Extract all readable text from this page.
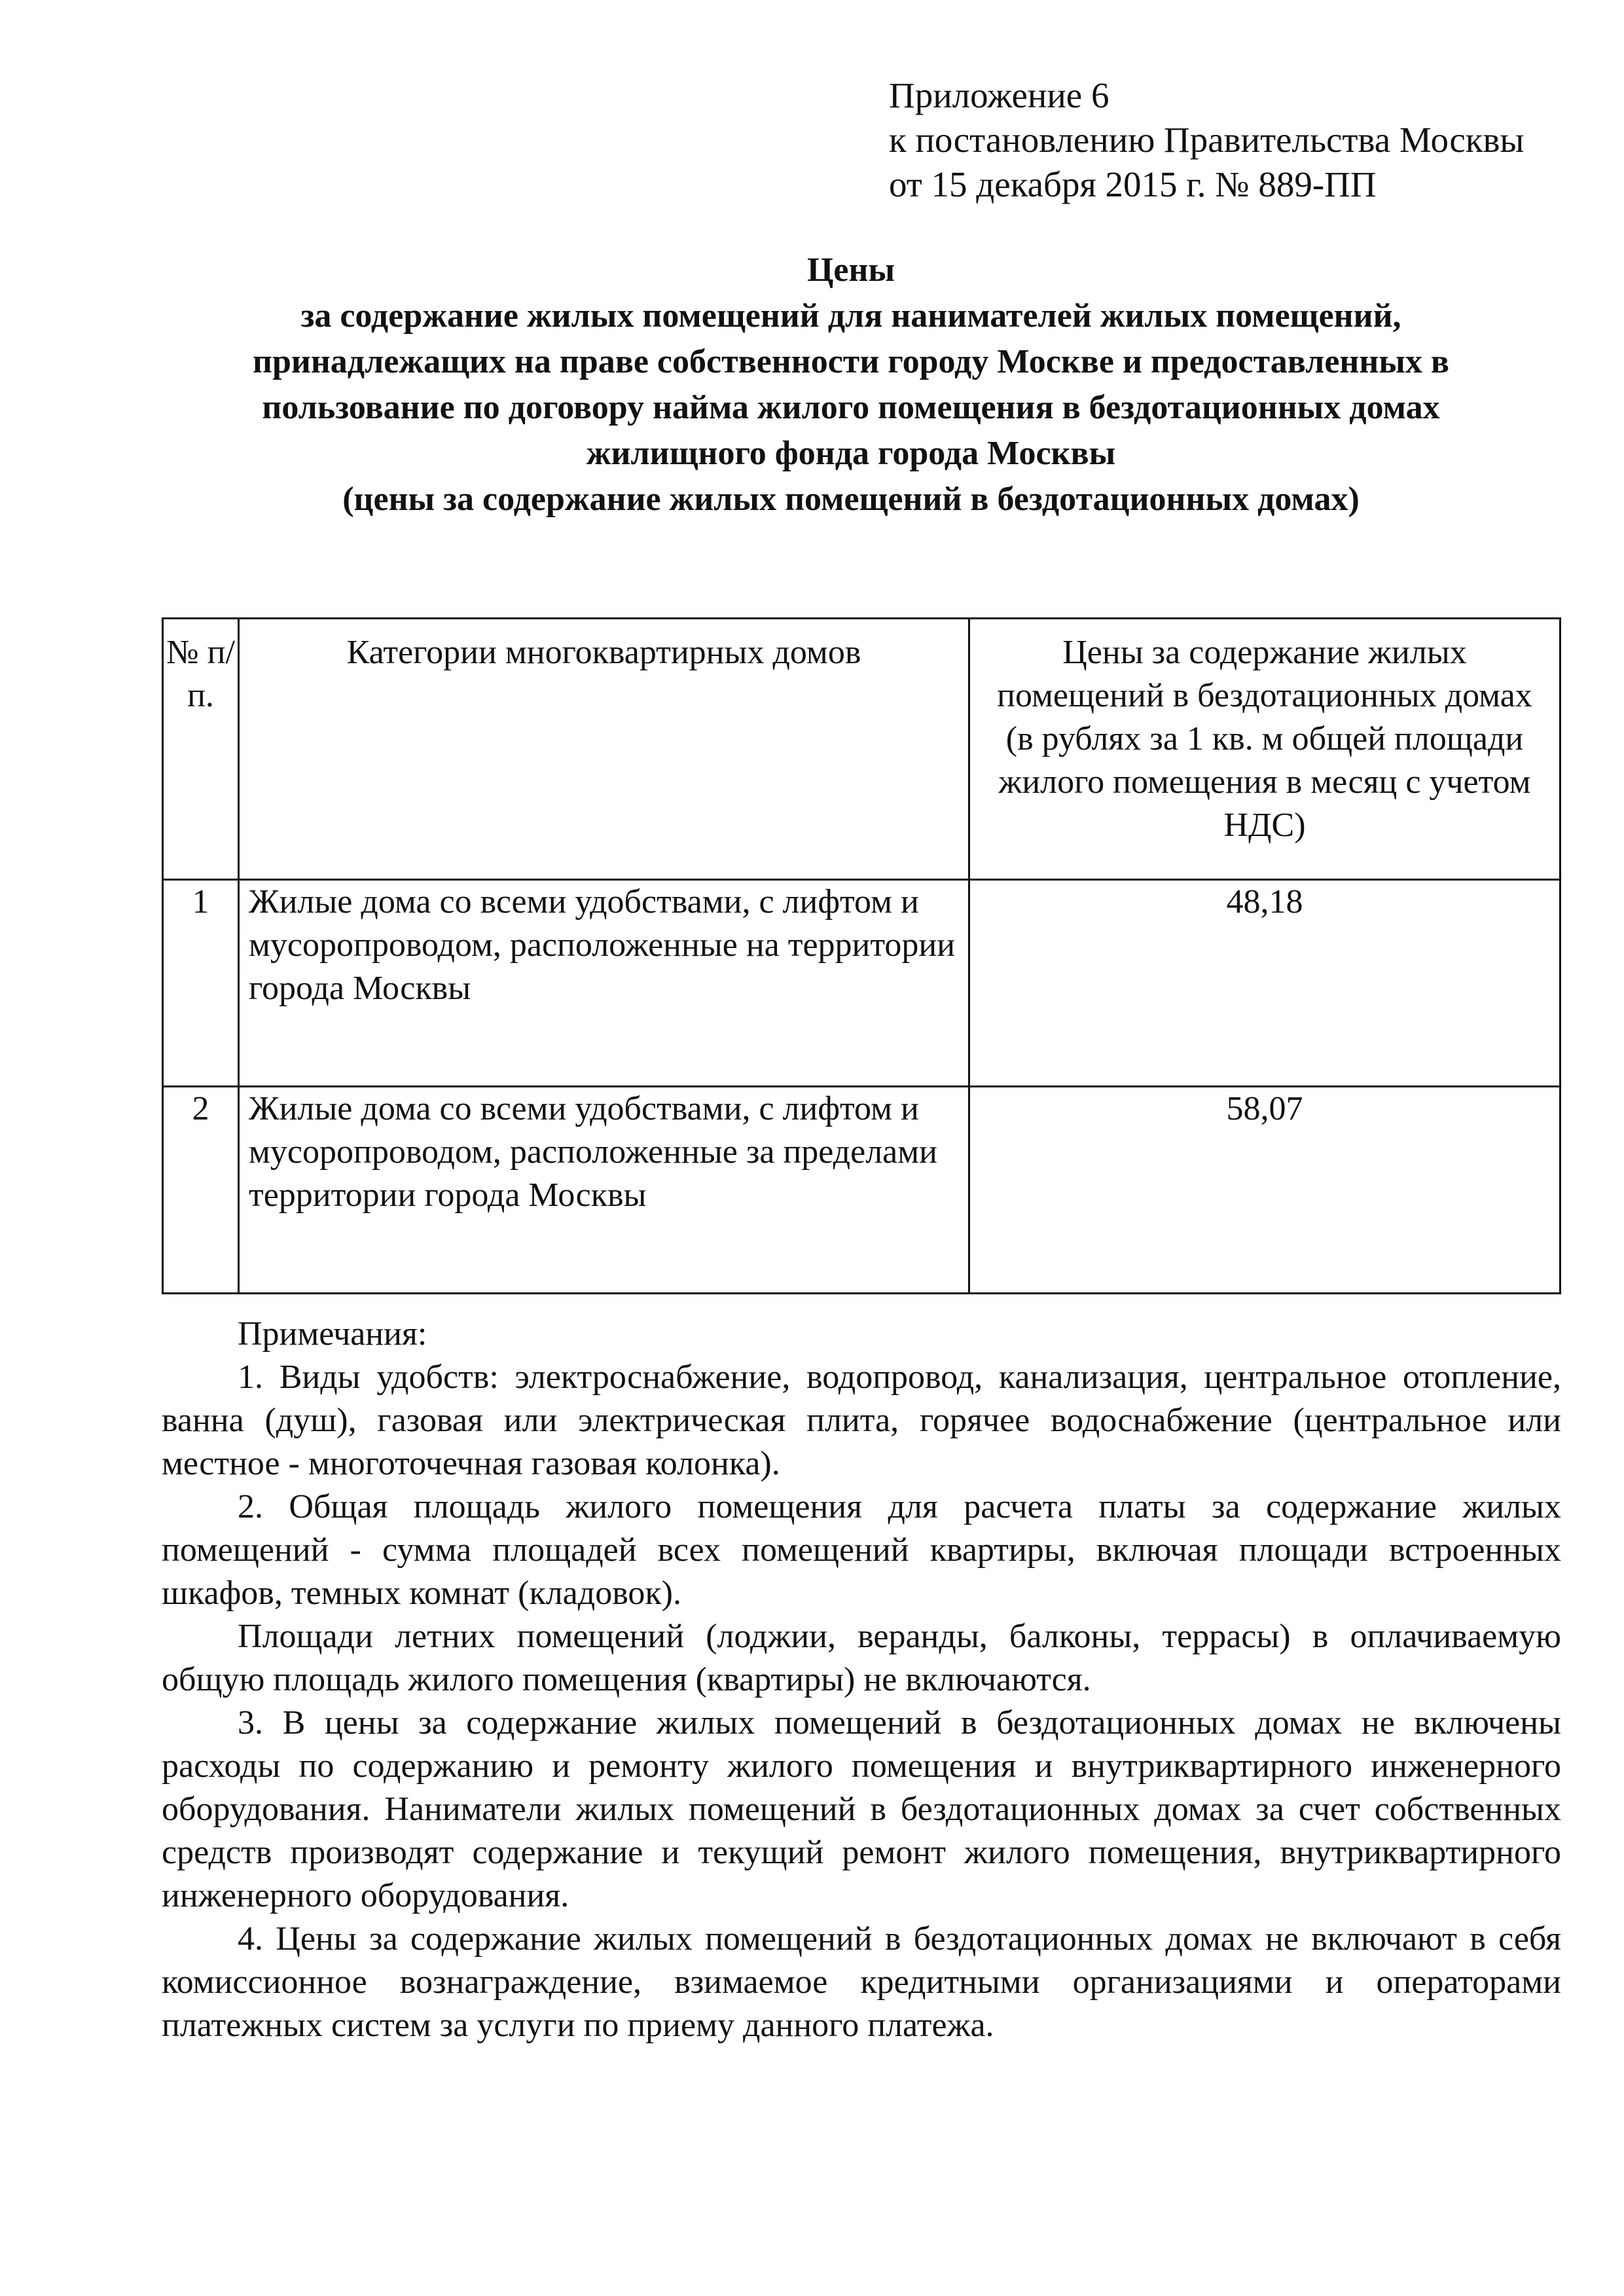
Приложение 6
к постановлению Правительства Москвы
от 15 декабря 2015 г. № 889-ПП
Цены
за содержание жилых помещений для нанимателей жилых помещений,
принадлежащих на праве собственности городу Москве и предоставленных в
пользование по договору найма жилого помещения в бездотационных домах
жилищного фонда города Москвы
(цены за содержание жилых помещений в бездотационных домах)
№ п/п.	Категории многоквартирных домов	Цены за содержание жилых помещений в бездотационных домах (в рублях за 1 кв. м общей площади жилого помещения в месяц с учетом НДС)
1	Жилые дома со всеми удобствами, с лифтом и мусоропроводом, расположенные на территории города Москвы	48,18
2	Жилые дома со всеми удобствами, с лифтом и мусоропроводом, расположенные за пределами территории города Москвы	58,07
Примечания:

1. Виды удобств: электроснабжение, водопровод, канализация, центральное отопление, ванна (душ), газовая или электрическая плита, горячее водоснабжение (центральное или местное - многоточечная газовая колонка).

2. Общая площадь жилого помещения для расчета платы за содержание жилых помещений - сумма площадей всех помещений квартиры, включая площади встроенных шкафов, темных комнат (кладовок).

Площади летних помещений (лоджии, веранды, балконы, террасы) в оплачиваемую общую площадь жилого помещения (квартиры) не включаются.

3. В цены за содержание жилых помещений в бездотационных домах не включены расходы по содержанию и ремонту жилого помещения и внутриквартирного инженерного оборудования. Наниматели жилых помещений в бездотационных домах за счет собственных средств производят содержание и текущий ремонт жилого помещения, внутриквартирного инженерного оборудования.

4. Цены за содержание жилых помещений в бездотационных домах не включают в себя комиссионное вознаграждение, взимаемое кредитными организациями и операторами платежных систем за услуги по приему данного платежа.
